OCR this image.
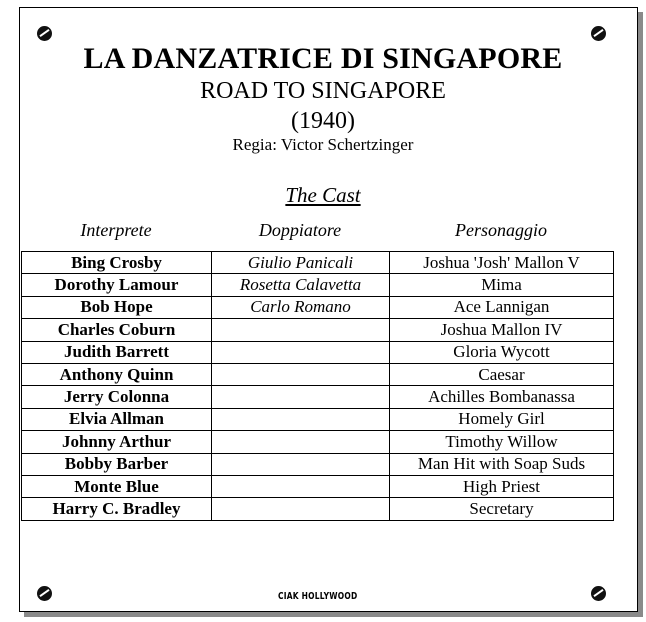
LA DANZATRICE DI SINGAPORE
ROAD TO SINGAPORE
(1940)
Regia: Victor Schertzinger
The Cast
Interprete	Doppiatore	Personaggio
Bing Crosby	Giulio Panicali	Joshua 'Josh' Mallon V
Dorothy Lamour	Rosetta Calavetta	Mima
Bob Hope	Carlo Romano	Ace Lannigan
Charles Coburn		Joshua Mallon IV
Judith Barrett		Gloria Wycott
Anthony Quinn		Caesar
Jerry Colonna		Achilles Bombanassa
Elvia Allman		Homely Girl
Johnny Arthur		Timothy Willow
Bobby Barber		Man Hit with Soap Suds
Monte Blue		High Priest
Harry C. Bradley		Secretary
CIAK HOLLYWOOD
